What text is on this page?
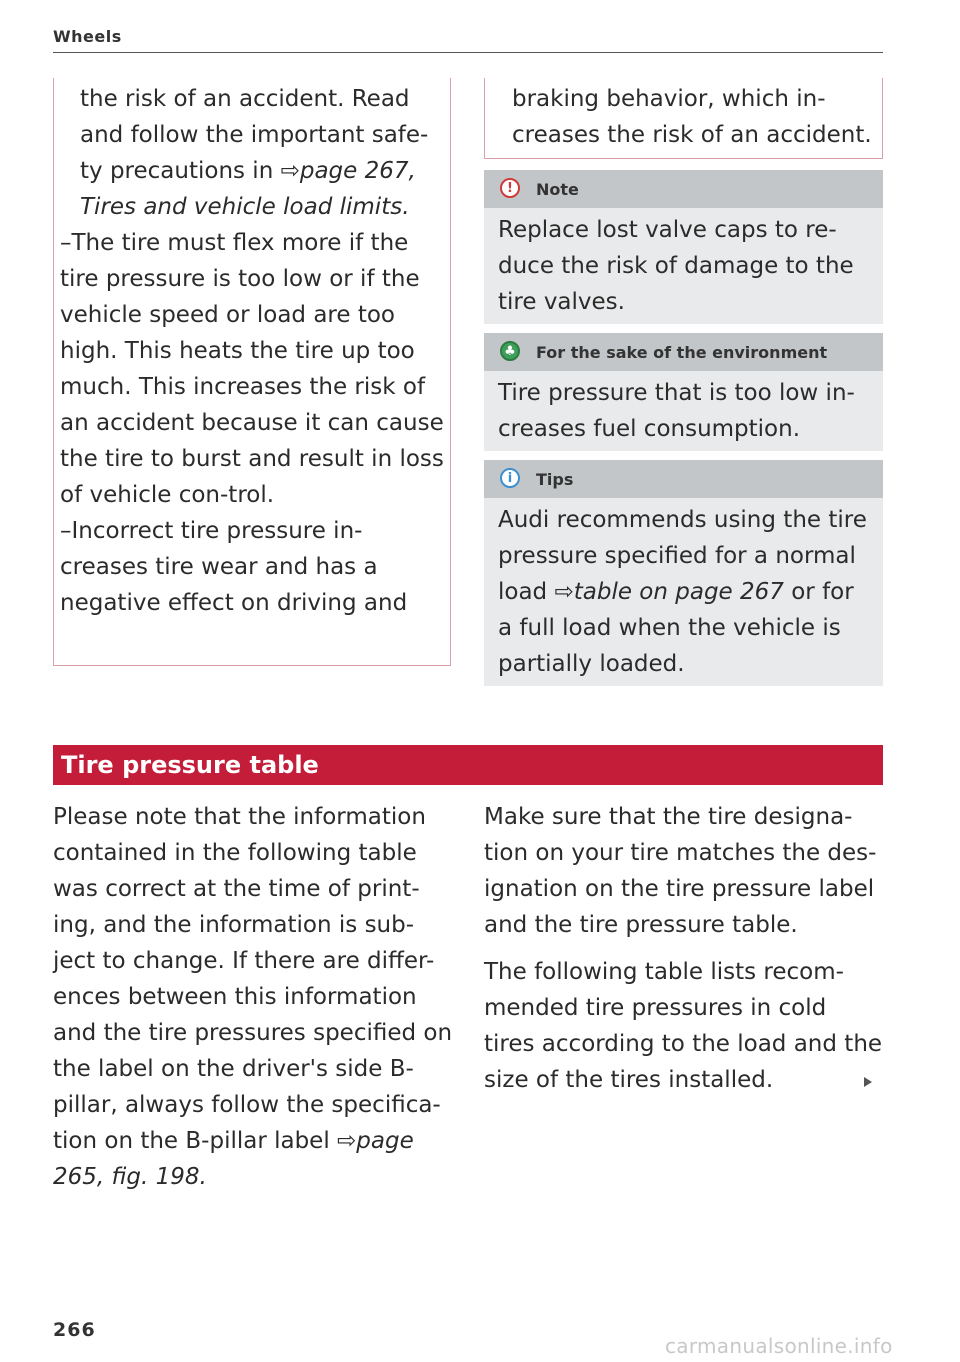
Wheels

the risk of an accident. Read and follow the important safe-ty precautions in ⇨page 267, Tires and vehicle load limits.

–The tire must flex more if the tire pressure is too low or if the vehicle speed or load are too high. This heats the tire up too much. This increases the risk of an accident because it can cause the tire to burst and result in loss of vehicle con-trol.

–Incorrect tire pressure in-creases tire wear and has a negative effect on driving and

braking behavior, which in-creases the risk of an accident.
!	Note
Replace lost valve caps to re-duce the risk of damage to the tire valves.
♣ For the sake of the environment
Tire pressure that is too low in-creases fuel consumption.
i	Tips
Audi recommends using the tire pressure specified for a normal load ⇨table on page 267 or for a full load when the vehicle is partially loaded.
Tire pressure table
Please note that the information contained in the following table was correct at the time of print-ing, and the information is sub-ject to change. If there are differ-ences between this information and the tire pressures specified on the label on the driver's side B-pillar, always follow the specifica-tion on the B-pillar label ⇨page 265, fig. 198.

Make sure that the tire designa-tion on your tire matches the des-ignation on the tire pressure label and the tire pressure table.

The following table lists recom-mended tire pressures in cold tires according to the load and the size of the tires installed.

266
carmanualsonline.info
